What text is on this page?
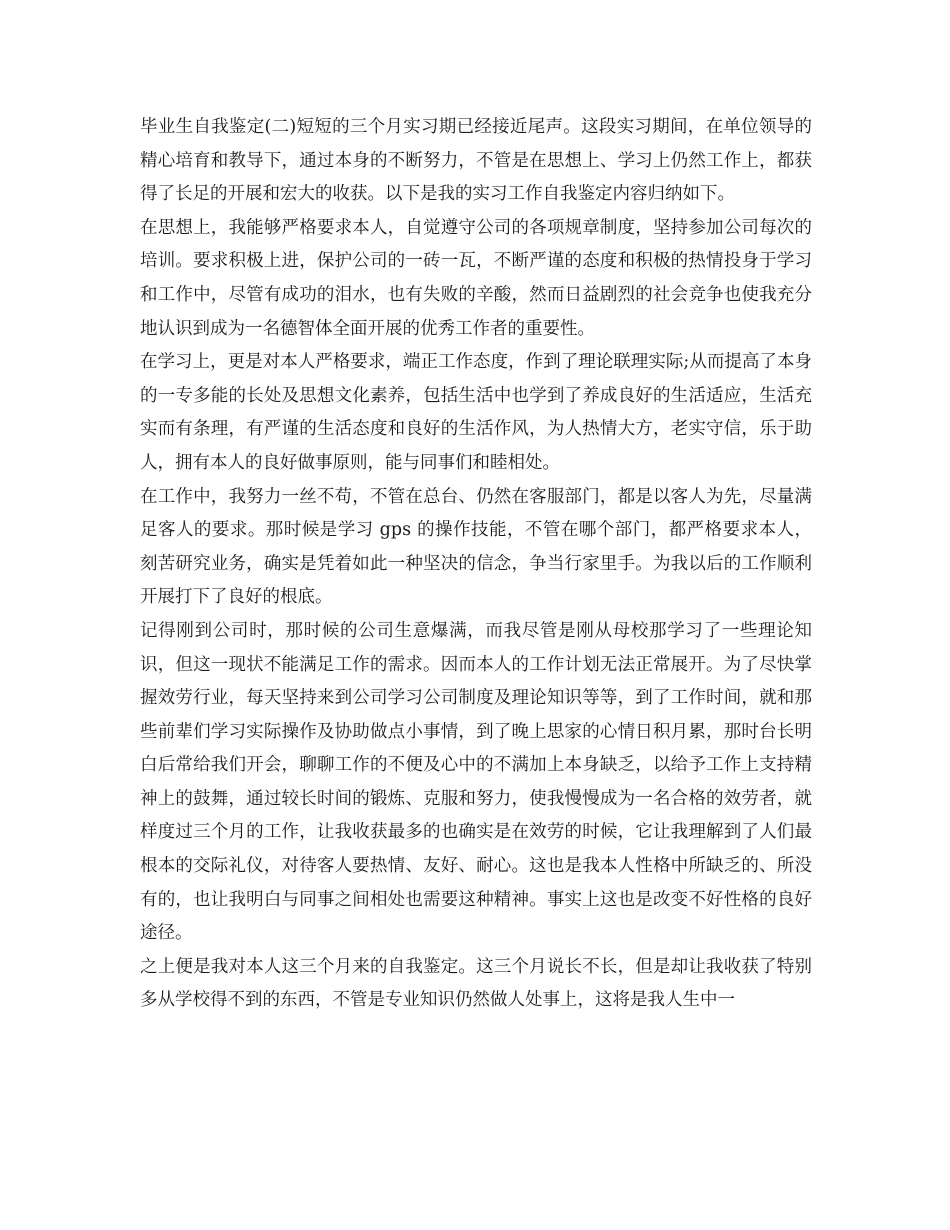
毕业生自我鉴定(二)短短的三个月实习期已经接近尾声。这段实习期间，在单位领导的精心培育和教导下，通过本身的不断努力，不管是在思想上、学习上仍然工作上，都获得了长足的开展和宏大的收获。以下是我的实习工作自我鉴定内容归纳如下。

在思想上，我能够严格要求本人，自觉遵守公司的各项规章制度，坚持参加公司每次的培训。要求积极上进，保护公司的一砖一瓦，不断严谨的态度和积极的热情投身于学习和工作中，尽管有成功的泪水，也有失败的辛酸，然而日益剧烈的社会竞争也使我充分地认识到成为一名德智体全面开展的优秀工作者的重要性。

在学习上，更是对本人严格要求，端正工作态度，作到了理论联理实际;从而提高了本身的一专多能的长处及思想文化素养，包括生活中也学到了养成良好的生活适应，生活充实而有条理，有严谨的生活态度和良好的生活作风，为人热情大方，老实守信，乐于助人，拥有本人的良好做事原则，能与同事们和睦相处。

在工作中，我努力一丝不苟，不管在总台、仍然在客服部门，都是以客人为先，尽量满足客人的要求。那时候是学习 gps 的操作技能，不管在哪个部门，都严格要求本人，刻苦研究业务，确实是凭着如此一种坚决的信念，争当行家里手。为我以后的工作顺利开展打下了良好的根底。

记得刚到公司时，那时候的公司生意爆满，而我尽管是刚从母校那学习了一些理论知识，但这一现状不能满足工作的需求。因而本人的工作计划无法正常展开。为了尽快掌握效劳行业，每天坚持来到公司学习公司制度及理论知识等等，到了工作时间，就和那些前辈们学习实际操作及协助做点小事情，到了晚上思家的心情日积月累，那时台长明白后常给我们开会，聊聊工作的不便及心中的不满加上本身缺乏，以给予工作上支持精神上的鼓舞，通过较长时间的锻炼、克服和努力，使我慢慢成为一名合格的效劳者，就样度过三个月的工作，让我收获最多的也确实是在效劳的时候，它让我理解到了人们最根本的交际礼仪，对待客人要热情、友好、耐心。这也是我本人性格中所缺乏的、所没有的，也让我明白与同事之间相处也需要这种精神。事实上这也是改变不好性格的良好途径。

之上便是我对本人这三个月来的自我鉴定。这三个月说长不长，但是却让我收获了特别多从学校得不到的东西，不管是专业知识仍然做人处事上，这将是我人生中一
